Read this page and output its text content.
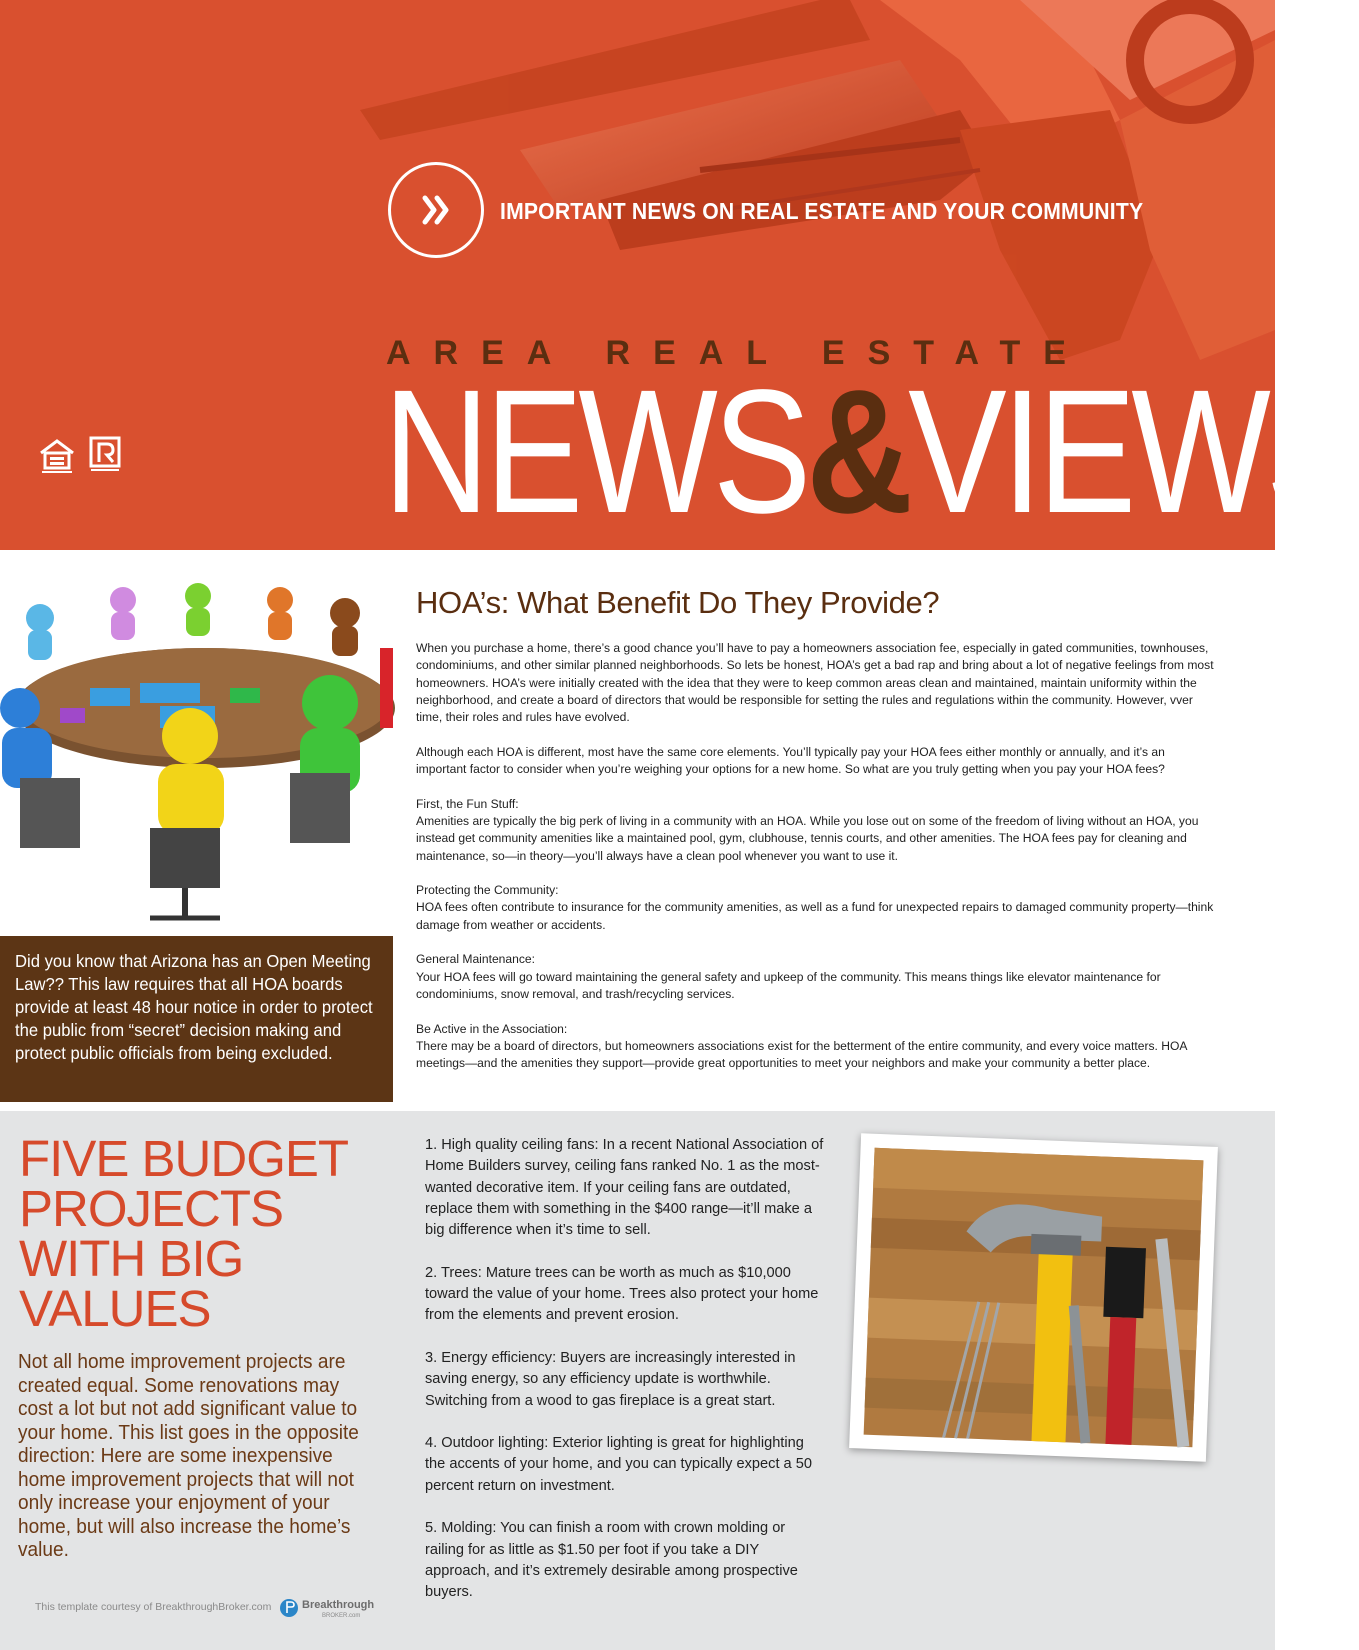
IMPORTANT NEWS ON REAL ESTATE AND YOUR COMMUNITY
AREA REAL ESTATE
NEWS&VIEWS

Did you know that Arizona has an Open Meeting Law?? This law requires that all HOA boards provide at least 48 hour notice in order to protect the public from “secret” decision making and protect public officials from being excluded.

HOA’s: What Benefit Do They Provide?

When you purchase a home, there’s a good chance you’ll have to pay a homeowners association fee, especially in gated communities, townhouses, condominiums, and other similar planned neighborhoods. So lets be honest, HOA’s get a bad rap and bring about a lot of negative feelings from most homeowners. HOA’s were initially created with the idea that they were to keep common areas clean and maintained, maintain uniformity within the neighborhood, and create a board of directors that would be responsible for setting the rules and regulations within the community. However, vver time, their roles and rules have evolved.

Although each HOA is different, most have the same core elements. You’ll typically pay your HOA fees either monthly or annually, and it’s an important factor to consider when you’re weighing your options for a new home. So what are you truly getting when you pay your HOA fees?

First, the Fun Stuff:
Amenities are typically the big perk of living in a community with an HOA. While you lose out on some of the freedom of living without an HOA, you instead get community amenities like a maintained pool, gym, clubhouse, tennis courts, and other amenities. The HOA fees pay for cleaning and maintenance, so—in theory—you’ll always have a clean pool whenever you want to use it.

Protecting the Community:
HOA fees often contribute to insurance for the community amenities, as well as a fund for unexpected repairs to damaged community property—think damage from weather or accidents.

General Maintenance:
Your HOA fees will go toward maintaining the general safety and upkeep of the community. This means things like elevator maintenance for condominiums, snow removal, and trash/recycling services.

Be Active in the Association:
There may be a board of directors, but homeowners associations exist for the betterment of the entire community, and every voice matters. HOA meetings—and the amenities they support—provide great opportunities to meet your neighbors and make your community a better place.

FIVE BUDGET PROJECTS WITH BIG VALUES

Not all home improvement projects are created equal. Some renovations may cost a lot but not add significant value to your home. This list goes in the opposite direction: Here are some inexpensive home improvement projects that will not only increase your enjoyment of your home, but will also increase the home’s value.

1. High quality ceiling fans: In a recent National Association of Home Builders survey, ceiling fans ranked No. 1 as the most-wanted decorative item. If your ceiling fans are outdated, replace them with something in the $400 range—it’ll make a big difference when it’s time to sell.

2. Trees: Mature trees can be worth as much as $10,000 toward the value of your home. Trees also protect your home from the elements and prevent erosion.

3. Energy efficiency: Buyers are increasingly interested in saving energy, so any efficiency update is worthwhile. Switching from a wood to gas fireplace is a great start.

4. Outdoor lighting: Exterior lighting is great for highlighting the accents of your home, and you can typically expect a 50 percent return on investment.

5. Molding: You can finish a room with crown molding or railing for as little as $1.50 per foot if you take a DIY approach, and it’s extremely desirable among prospective buyers.

This template courtesy of BreakthroughBroker.com	Breakthrough
BROKER.com
